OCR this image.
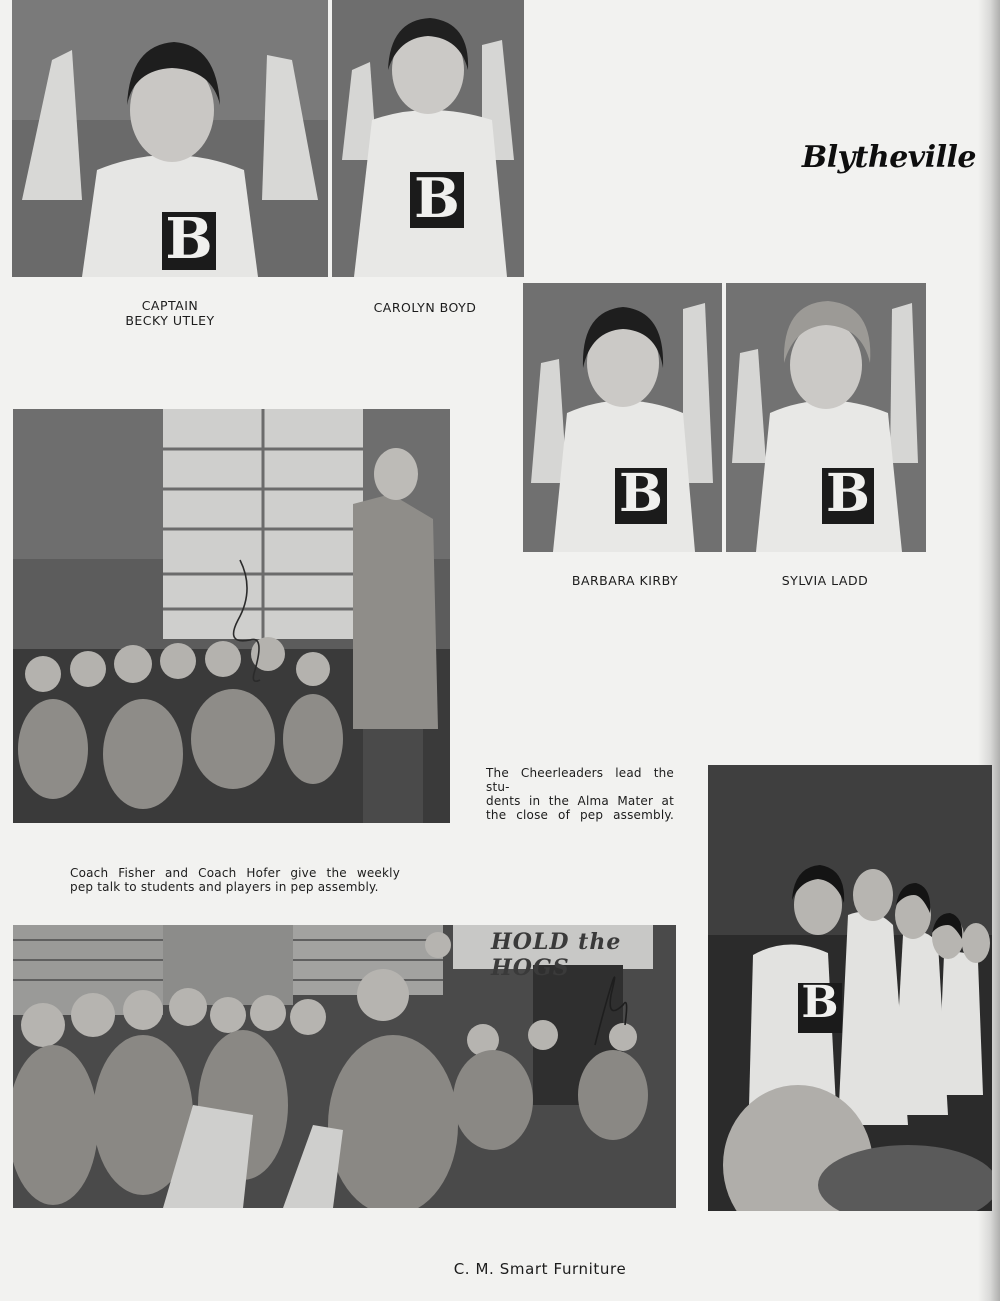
B
B
CAPTAIN
BECKY UTLEY
CAROLYN BOYD
Blytheville
B	B
BARBARA KIRBY	SYLVIA LADD
The Cheerleaders lead the stu-
dents in the Alma Mater at
the close of pep assembly.
Coach Fisher and Coach Hofer give the weekly
pep talk to students and players in pep assembly.
B
HOLD the HOGS
C. M. Smart Furniture
